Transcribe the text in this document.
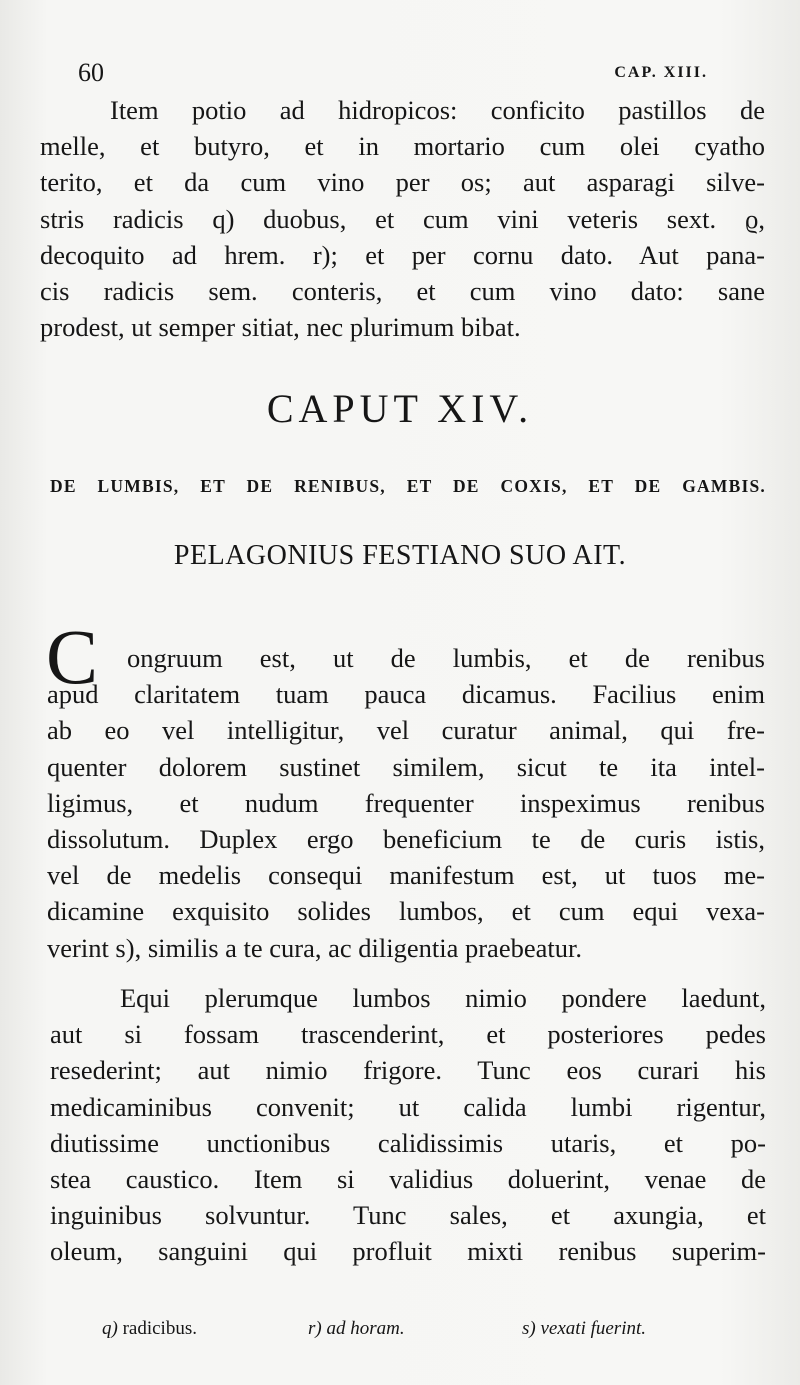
60	CAP. XIII.
Item potio ad hidropicos: conficito pastillos de
melle, et butyro, et in mortario cum olei cyatho
terito, et da cum vino per os; aut asparagi silve-
stris radicis q) duobus, et cum vini veteris sext. ϱ,
decoquito ad hrem. r); et per cornu dato. Aut pana-
cis radicis sem. conteris, et cum vino dato: sane
prodest, ut semper sitiat, nec plurimum bibat.
CAPUT XIV.
DE LUMBIS, ET DE RENIBUS, ET DE COXIS, ET DE GAMBIS.
PELAGONIUS FESTIANO SUO AIT.
C	ongruum est, ut de lumbis, et de renibus
apud claritatem tuam pauca dicamus. Facilius enim
ab eo vel intelligitur, vel curatur animal, qui fre-
quenter dolorem sustinet similem, sicut te ita intel-
ligimus, et nudum frequenter inspeximus renibus
dissolutum. Duplex ergo beneficium te de curis istis,
vel de medelis consequi manifestum est, ut tuos me-
dicamine exquisito solides lumbos, et cum equi vexa-
verint s), similis a te cura, ac diligentia praebeatur.
Equi plerumque lumbos nimio pondere laedunt,
aut si fossam trascenderint, et posteriores pedes
resederint; aut nimio frigore. Tunc eos curari his
medicaminibus convenit; ut calida lumbi rigentur,
diutissime unctionibus calidissimis utaris, et po-
stea caustico. Item si validius doluerint, venae de
inguinibus solvuntur. Tunc sales, et axungia, et
oleum, sanguini qui profluit mixti renibus superim-
q) radicibus.	r) ad horam.	s) vexati fuerint.
